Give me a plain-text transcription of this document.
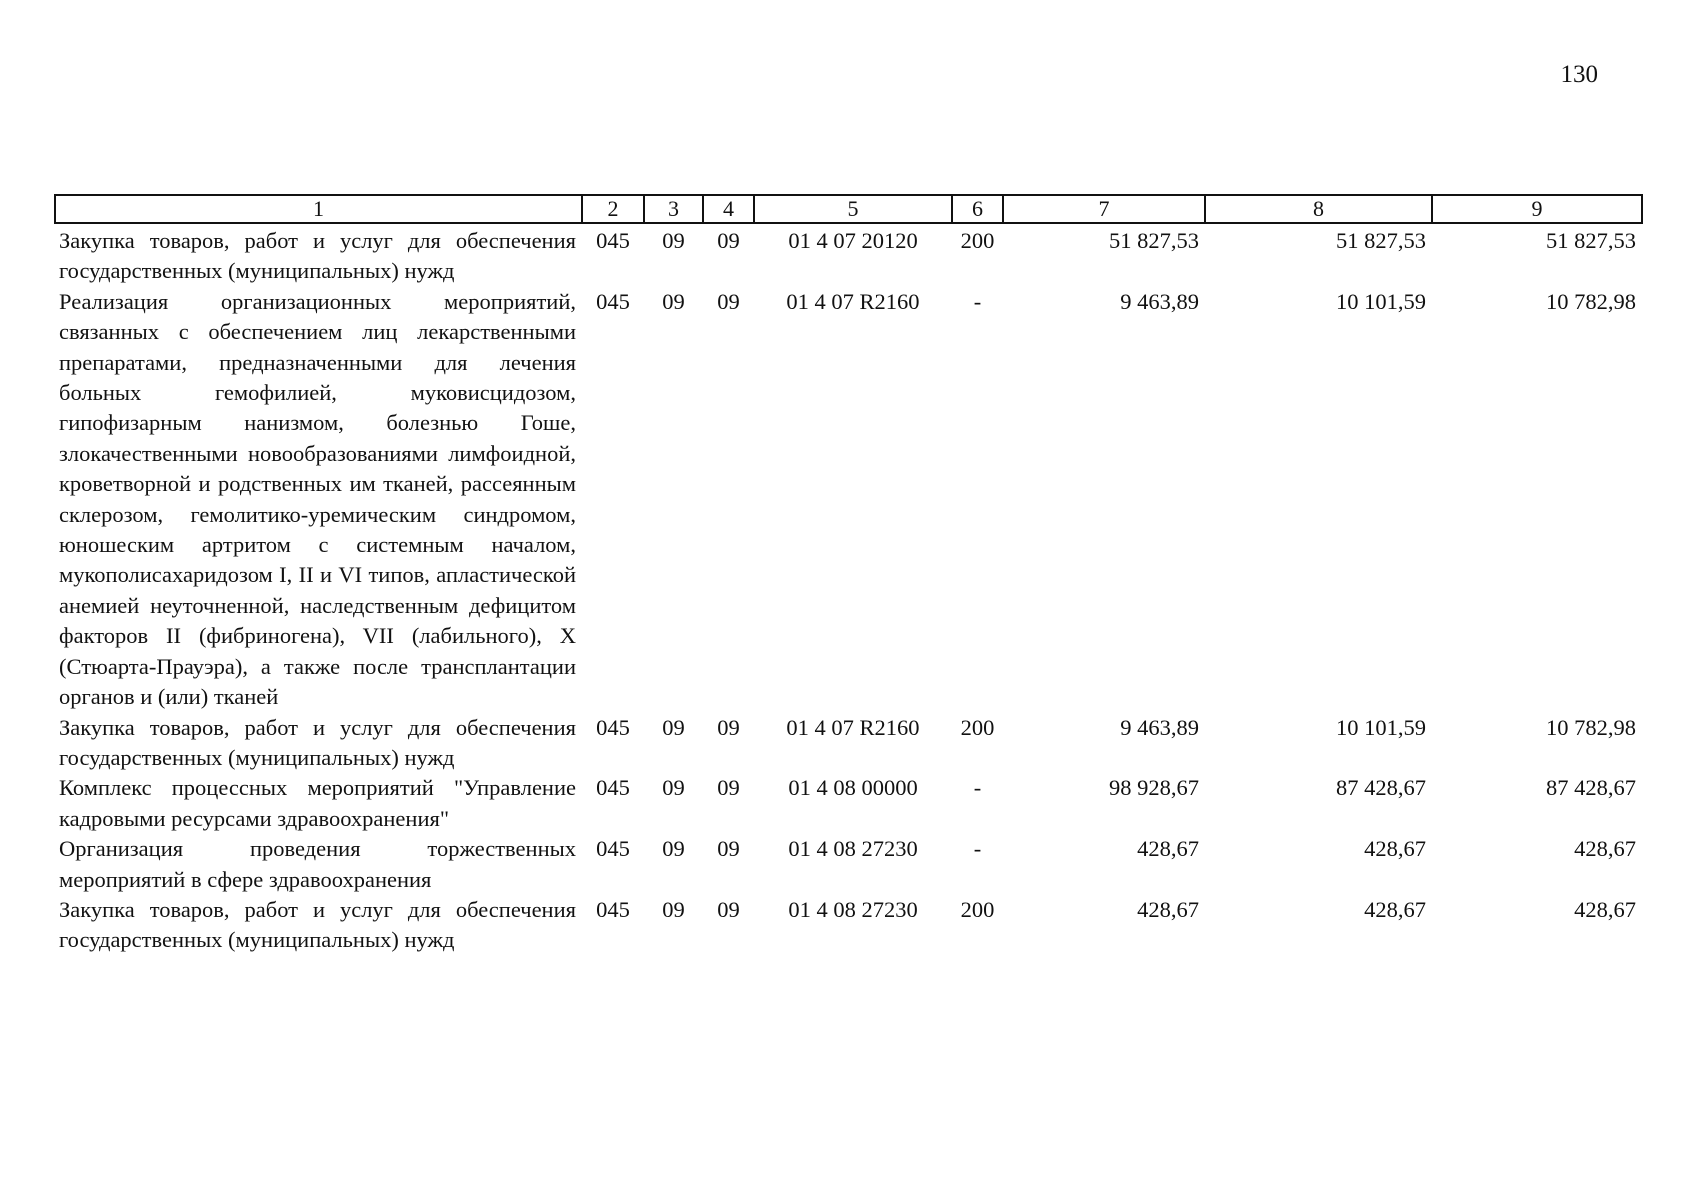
130
1	2	3	4	5	6	7	8	9
Закупка товаров, работ и услуг для обеспечения государственных (муниципальных) нужд	045	09	09	01 4 07 20120	200	51 827,53	51 827,53	51 827,53
Реализация организационных мероприятий, связанных с обеспечением лиц лекарственными препаратами, предназначенными для лечения больных гемофилией, муковисцидозом, гипофизарным нанизмом, болезнью Гоше, злокачественными новообразованиями лимфоидной, кроветворной и родственных им тканей, рассеянным склерозом, гемолитико-уремическим синдромом, юношеским артритом с системным началом, мукополисахаридозом I, II и VI типов, апластической анемией неуточненной, наследственным дефицитом факторов II (фибриногена), VII (лабильного), X (Стюарта-Прауэра), а также после трансплантации органов и (или) тканей	045	09	09	01 4 07 R2160	-	9 463,89	10 101,59	10 782,98
Закупка товаров, работ и услуг для обеспечения государственных (муниципальных) нужд	045	09	09	01 4 07 R2160	200	9 463,89	10 101,59	10 782,98
Комплекс процессных мероприятий "Управление кадровыми ресурсами здравоохранения"	045	09	09	01 4 08 00000	-	98 928,67	87 428,67	87 428,67
Организация проведения торжественных мероприятий в сфере здравоохранения	045	09	09	01 4 08 27230	-	428,67	428,67	428,67
Закупка товаров, работ и услуг для обеспечения государственных (муниципальных) нужд	045	09	09	01 4 08 27230	200	428,67	428,67	428,67
